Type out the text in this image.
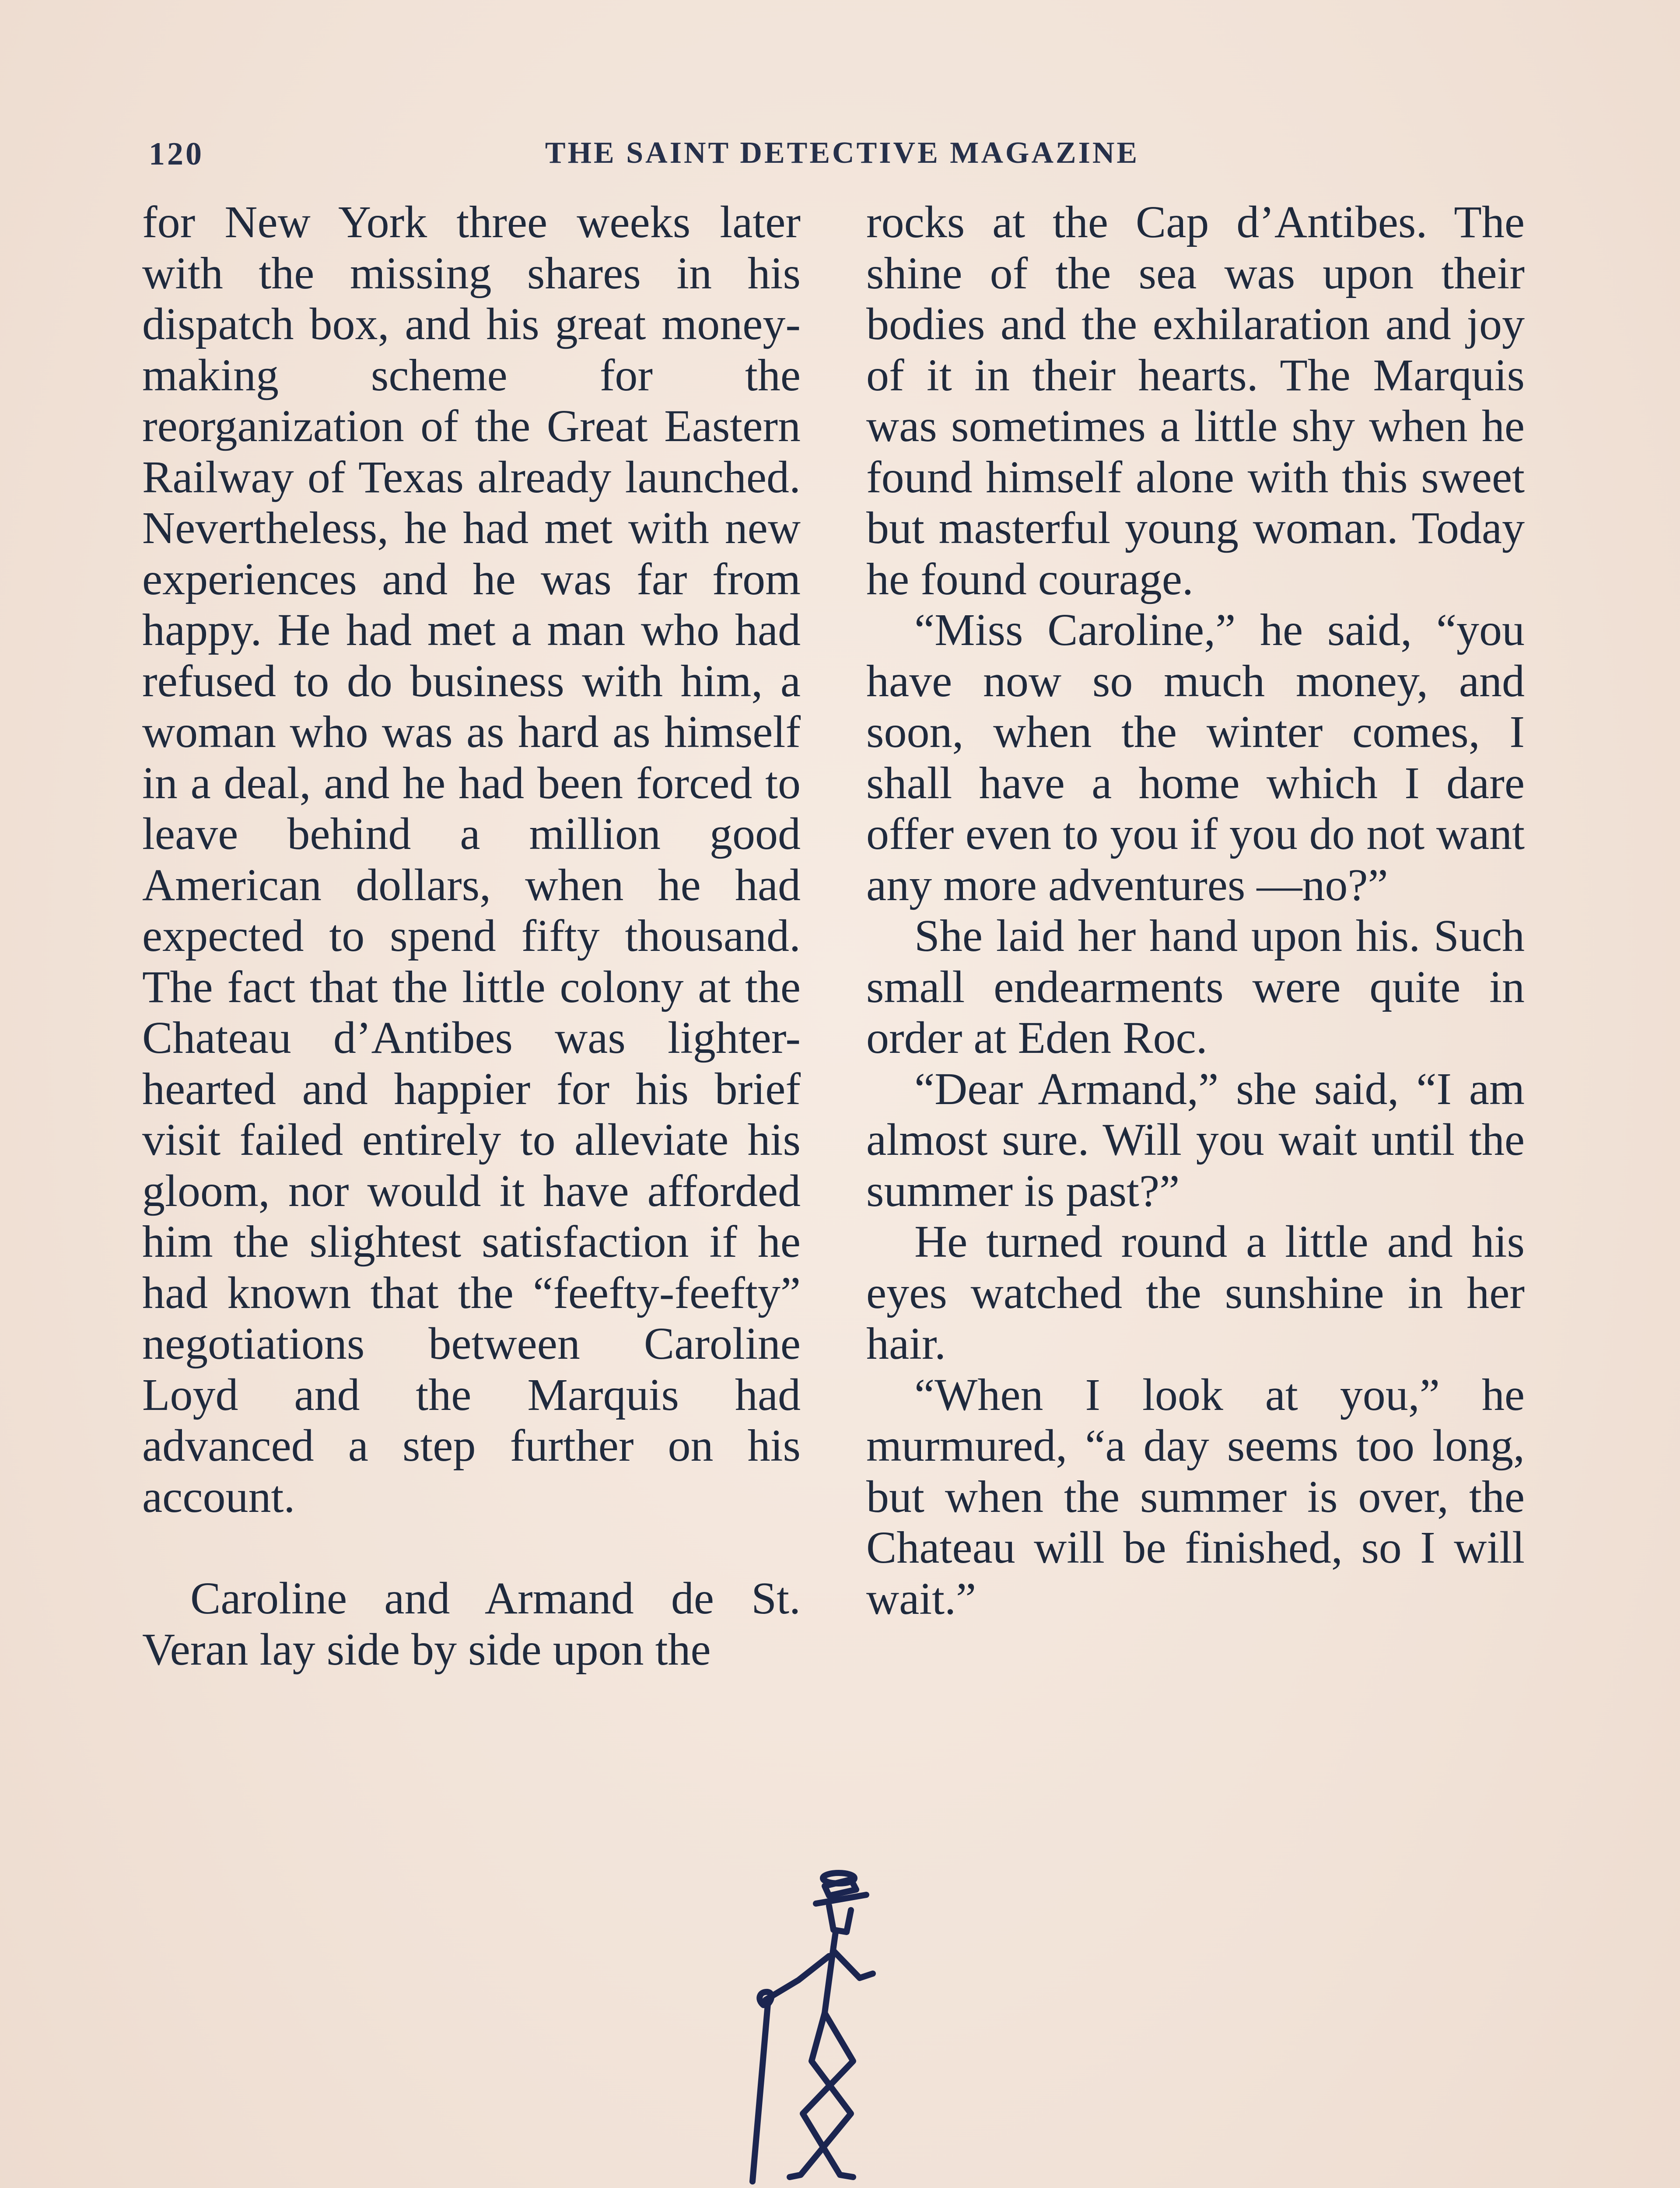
120	THE SAINT DETECTIVE MAGAZINE

for New York three weeks later with the missing shares in his dispatch box, and his great money-making scheme for the reorganization of the Great Eastern Railway of Texas already launched. Nevertheless, he had met with new experiences and he was far from happy. He had met a man who had refused to do business with him, a woman who was as hard as himself in a deal, and he had been forced to leave behind a million good American dollars, when he had expected to spend fifty thousand. The fact that the little colony at the Chateau d’Antibes was lighter-hearted and happier for his brief visit failed entirely to alleviate his gloom, nor would it have afforded him the slightest satisfaction if he had known that the “feefty-feefty” negotiations between Caroline Loyd and the Marquis had advanced a step further on his account.

Caroline and Armand de St. Veran lay side by side upon the

rocks at the Cap d’Antibes. The shine of the sea was upon their bodies and the exhilaration and joy of it in their hearts. The Marquis was sometimes a little shy when he found himself alone with this sweet but masterful young woman. Today he found courage.

“Miss Caroline,” he said, “you have now so much money, and soon, when the winter comes, I shall have a home which I dare offer even to you if you do not want any more adventures —no?”

She laid her hand upon his. Such small endearments were quite in order at Eden Roc.

“Dear Armand,” she said, “I am almost sure. Will you wait until the summer is past?”

He turned round a little and his eyes watched the sunshine in her hair.

“When I look at you,” he murmured, “a day seems too long, but when the summer is over, the Chateau will be finished, so I will wait.”
